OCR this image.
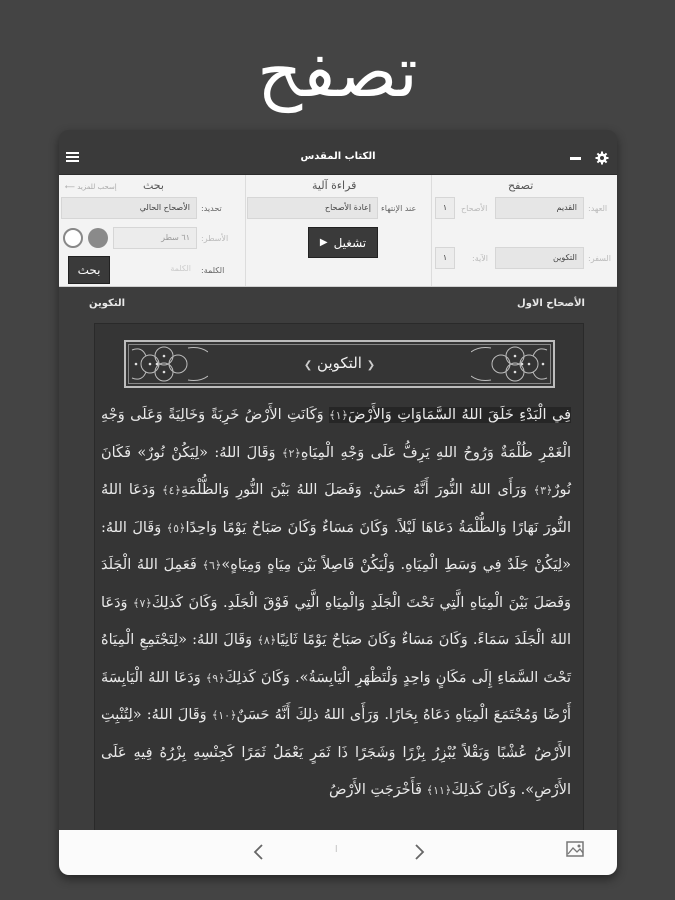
تصفح
الكتاب المقدس
إسحب للمزيد ⟵ بحث
الأصحاح الحالي	تحديد:
٦١ سطر	الأسطر:
بحث	الكلمة	الكلمة:
قراءة آلية
إعادة الأصحاح	عند الإنتهاء
تشغيل
▶
تصفح
١	الأصحاح	القديم	العهد:
١	الآية:	التكوين	السفر:
الأصحاح الاول
التكوين
❮ التكوين ❯
فِي الْبَدْءِ خَلَقَ اللهُ السَّمَاوَاتِ وَالأَرْضَ﴿١﴾ وَكَانَتِ الأَرْضُ خَرِبَةً وَخَالِيَةً وَعَلَى وَجْهِ الْغَمْرِ ظُلْمَةٌ وَرُوحُ اللهِ يَرِفُّ عَلَى وَجْهِ الْمِيَاهِ﴿٢﴾ وَقَالَ اللهُ: «لِيَكُنْ نُورٌ» فَكَانَ نُورٌ﴿٣﴾ وَرَأَى اللهُ النُّورَ أَنَّهُ حَسَنٌ. وَفَصَلَ اللهُ بَيْنَ النُّورِ وَالظُّلْمَةِ﴿٤﴾ وَدَعَا اللهُ النُّورَ نَهَارًا وَالظُّلْمَةُ دَعَاهَا لَيْلاً. وَكَانَ مَسَاءٌ وَكَانَ صَبَاحٌ يَوْمًا وَاحِدًا﴿٥﴾ وَقَالَ اللهُ: «لِيَكُنْ جَلَدٌ فِي وَسَطِ الْمِيَاهِ. وَلْيَكُنْ فَاصِلاً بَيْنَ مِيَاهٍ وَمِيَاهٍ»﴿٦﴾ فَعَمِلَ اللهُ الْجَلَدَ وَفَصَلَ بَيْنَ الْمِيَاهِ الَّتِي تَحْتَ الْجَلَدِ وَالْمِيَاهِ الَّتِي فَوْقَ الْجَلَدِ. وَكَانَ كَذلِكَ﴿٧﴾ وَدَعَا اللهُ الْجَلَدَ سَمَاءً. وَكَانَ مَسَاءٌ وَكَانَ صَبَاحٌ يَوْمًا ثَانِيًا﴿٨﴾ وَقَالَ اللهُ: «لِتَجْتَمِعِ الْمِيَاهُ تَحْتَ السَّمَاءِ إِلَى مَكَانٍ وَاحِدٍ وَلْتَظْهَرِ الْيَابِسَةُ». وَكَانَ كَذلِكَ﴿٩﴾ وَدَعَا اللهُ الْيَابِسَةَ أَرْضًا وَمُجْتَمَعَ الْمِيَاهِ دَعَاهُ بِحَارًا. وَرَأَى اللهُ ذلِكَ أَنَّهُ حَسَنٌ﴿١٠﴾ وَقَالَ اللهُ: «لِتُنْبِتِ الأَرْضُ عُشْبًا وَبَقْلاً يُبْزِرُ بِزْرًا وَشَجَرًا ذَا ثَمَرٍ يَعْمَلُ ثَمَرًا كَجِنْسِهِ بِزْرُهُ فِيهِ عَلَى الأَرْضِ». وَكَانَ كَذلِكَ﴿١١﴾ فَأَخْرَجَتِ الأَرْضُ
ا
